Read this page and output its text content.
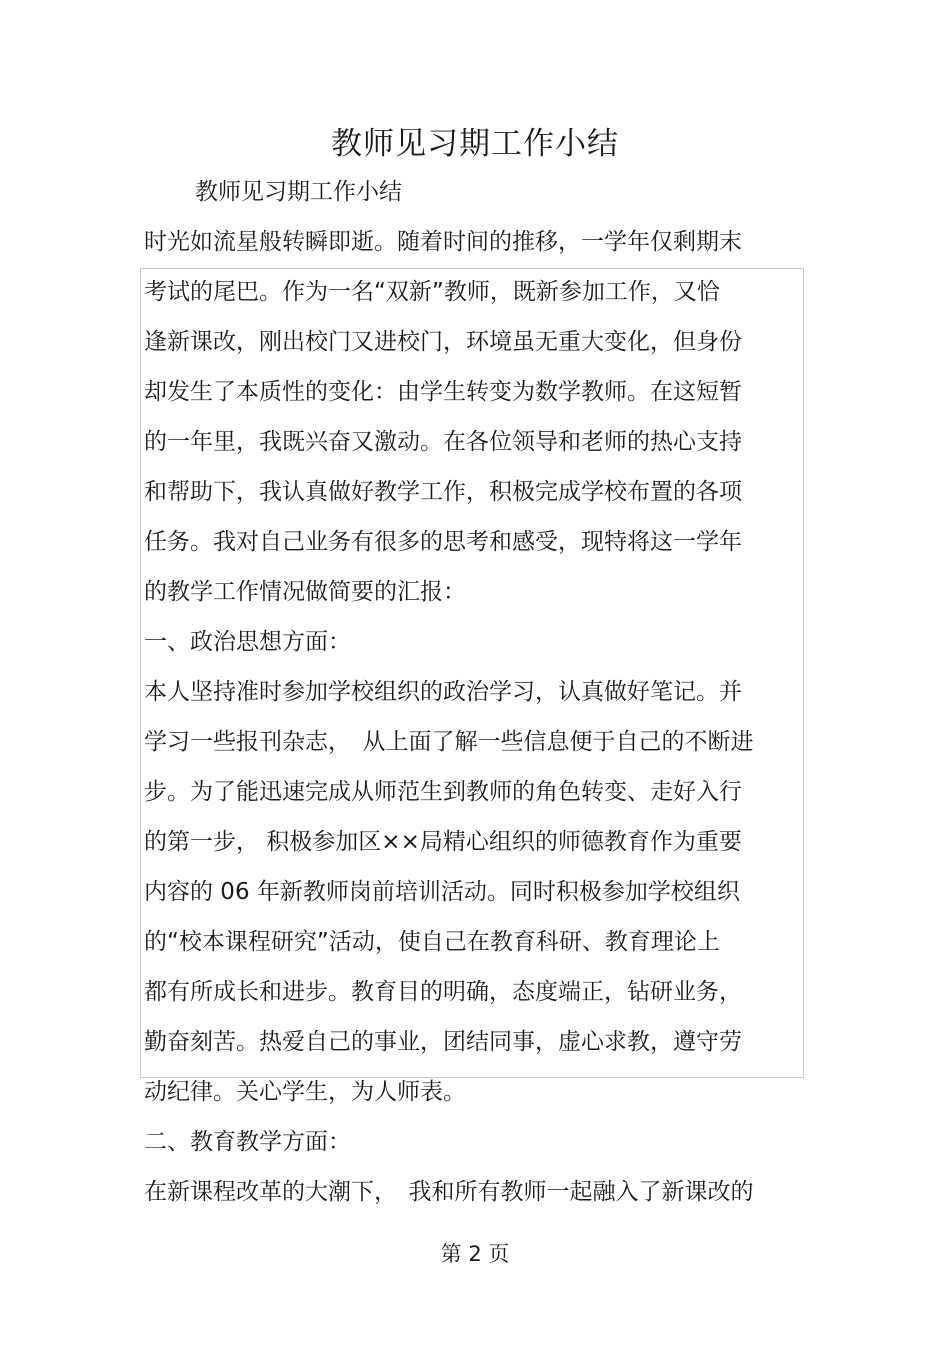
教师见习期工作小结
教师见习期工作小结
时光如流星般转瞬即逝。随着时间的推移，一学年仅剩期末
考试的尾巴。作为一名“双新”教师，既新参加工作，又恰
逢新课改，刚出校门又进校门，环境虽无重大变化，但身份
却发生了本质性的变化：由学生转变为数学教师。在这短暂
的一年里，我既兴奋又激动。在各位领导和老师的热心支持
和帮助下，我认真做好教学工作，积极完成学校布置的各项
任务。我对自己业务有很多的思考和感受，现特将这一学年
的教学工作情况做简要的汇报：
一、政治思想方面：
本人坚持准时参加学校组织的政治学习，认真做好笔记。并
学习一些报刊杂志，　从上面了解一些信息便于自己的不断进
步。为了能迅速完成从师范生到教师的角色转变、走好入行
的第一步， 积极参加区××局精心组织的师德教育作为重要
内容的 06 年新教师岗前培训活动。同时积极参加学校组织
的“校本课程研究”活动，使自己在教育科研、教育理论上
都有所成长和进步。教育目的明确，态度端正，钻研业务，
勤奋刻苦。热爱自己的事业，团结同事，虚心求教，遵守劳
动纪律。关心学生，为人师表。
二、教育教学方面：
在新课程改革的大潮下，　我和所有教师一起融入了新课改的
第 2 页
